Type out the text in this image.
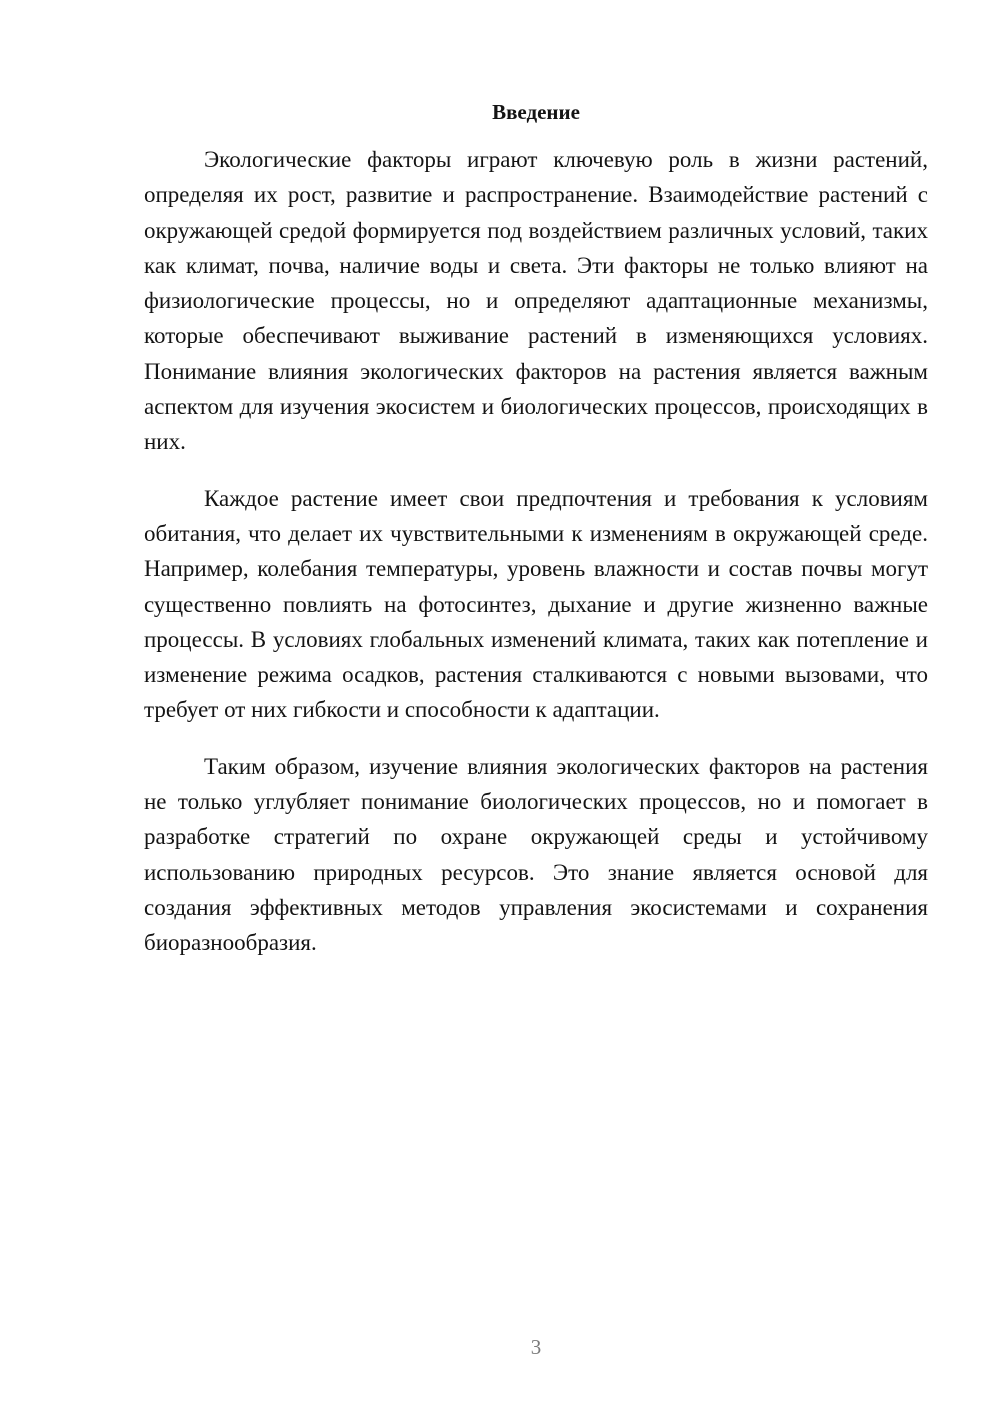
Введение

Экологические факторы играют ключевую роль в жизни растений, определяя их рост, развитие и распространение. Взаимодействие растений с окружающей средой формируется под воздействием различных условий, таких как климат, почва, наличие воды и света. Эти факторы не только влияют на физиологические процессы, но и определяют адаптационные механизмы, которые обеспечивают выживание растений в изменяющихся условиях. Понимание влияния экологических факторов на растения является важным аспектом для изучения экосистем и биологических процессов, происходящих в них.

Каждое растение имеет свои предпочтения и требования к условиям обитания, что делает их чувствительными к изменениям в окружающей среде. Например, колебания температуры, уровень влажности и состав почвы могут существенно повлиять на фотосинтез, дыхание и другие жизненно важные процессы. В условиях глобальных изменений климата, таких как потепление и изменение режима осадков, растения сталкиваются с новыми вызовами, что требует от них гибкости и способности к адаптации.

Таким образом, изучение влияния экологических факторов на растения не только углубляет понимание биологических процессов, но и помогает в разработке стратегий по охране окружающей среды и устойчивому использованию природных ресурсов. Это знание является основой для создания эффективных методов управления экосистемами и сохранения биоразнообразия.

3
